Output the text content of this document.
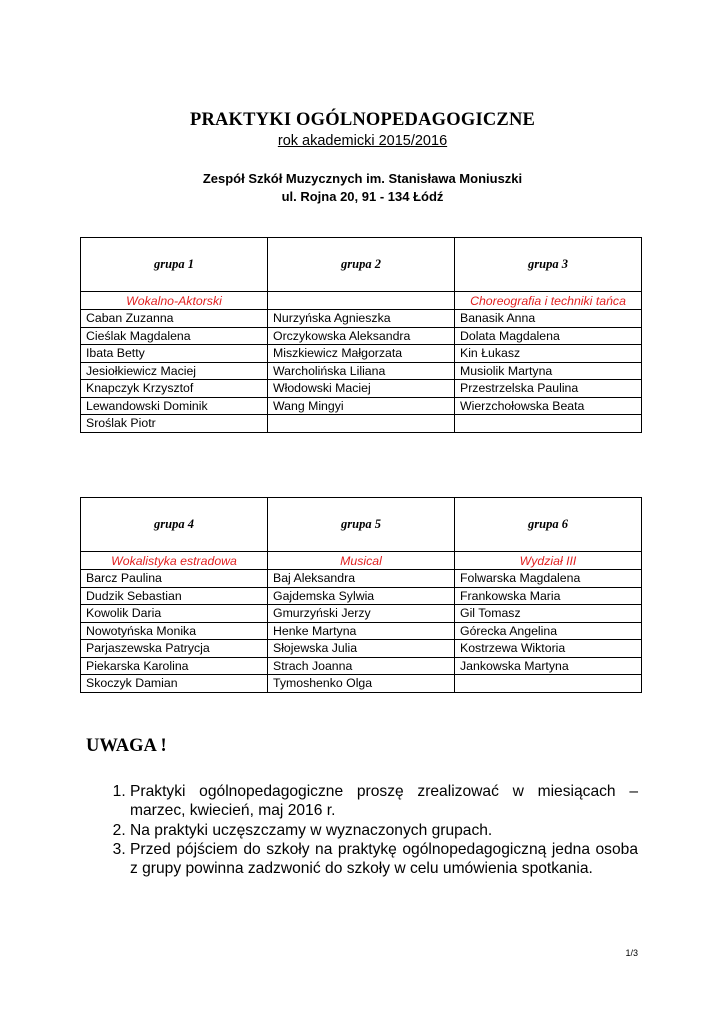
PRAKTYKI OGÓLNOPEDAGOGICZNE
rok akademicki 2015/2016
Zespół Szkół Muzycznych im. Stanisława Moniuszki
ul. Rojna 20, 91 - 134 Łódź
grupa 1	grupa 2	grupa 3
Wokalno-Aktorski		Choreografia i techniki tańca
Caban Zuzanna	Nurzyńska Agnieszka	Banasik Anna
Cieślak Magdalena	Orczykowska Aleksandra	Dolata Magdalena
Ibata Betty	Miszkiewicz Małgorzata	Kin Łukasz
Jesiołkiewicz Maciej	Warcholińska Liliana	Musiolik Martyna
Knapczyk Krzysztof	Włodowski Maciej	Przestrzelska Paulina
Lewandowski Dominik	Wang Mingyi	Wierzchołowska Beata
Sroślak Piotr		
grupa 4	grupa 5	grupa 6
Wokalistyka estradowa	Musical	Wydział III
Barcz Paulina	Baj Aleksandra	Folwarska Magdalena
Dudzik Sebastian	Gajdemska Sylwia	Frankowska Maria
Kowolik Daria	Gmurzyński Jerzy	Gil Tomasz
Nowotyńska Monika	Henke Martyna	Górecka Angelina
Parjaszewska Patrycja	Słojewska Julia	Kostrzewa Wiktoria
Piekarska Karolina	Strach Joanna	Jankowska Martyna
Skoczyk Damian	Tymoshenko Olga	
UWAGA !
1. Praktyki ogólnopedagogiczne proszę zrealizować w miesiącach – marzec, kwiecień, maj 2016 r.
2. Na praktyki uczęszczamy w wyznaczonych grupach.
3. Przed pójściem do szkoły na praktykę ogólnopedagogiczną jedna osoba z grupy powinna zadzwonić do szkoły w celu umówienia spotkania.
1/3
